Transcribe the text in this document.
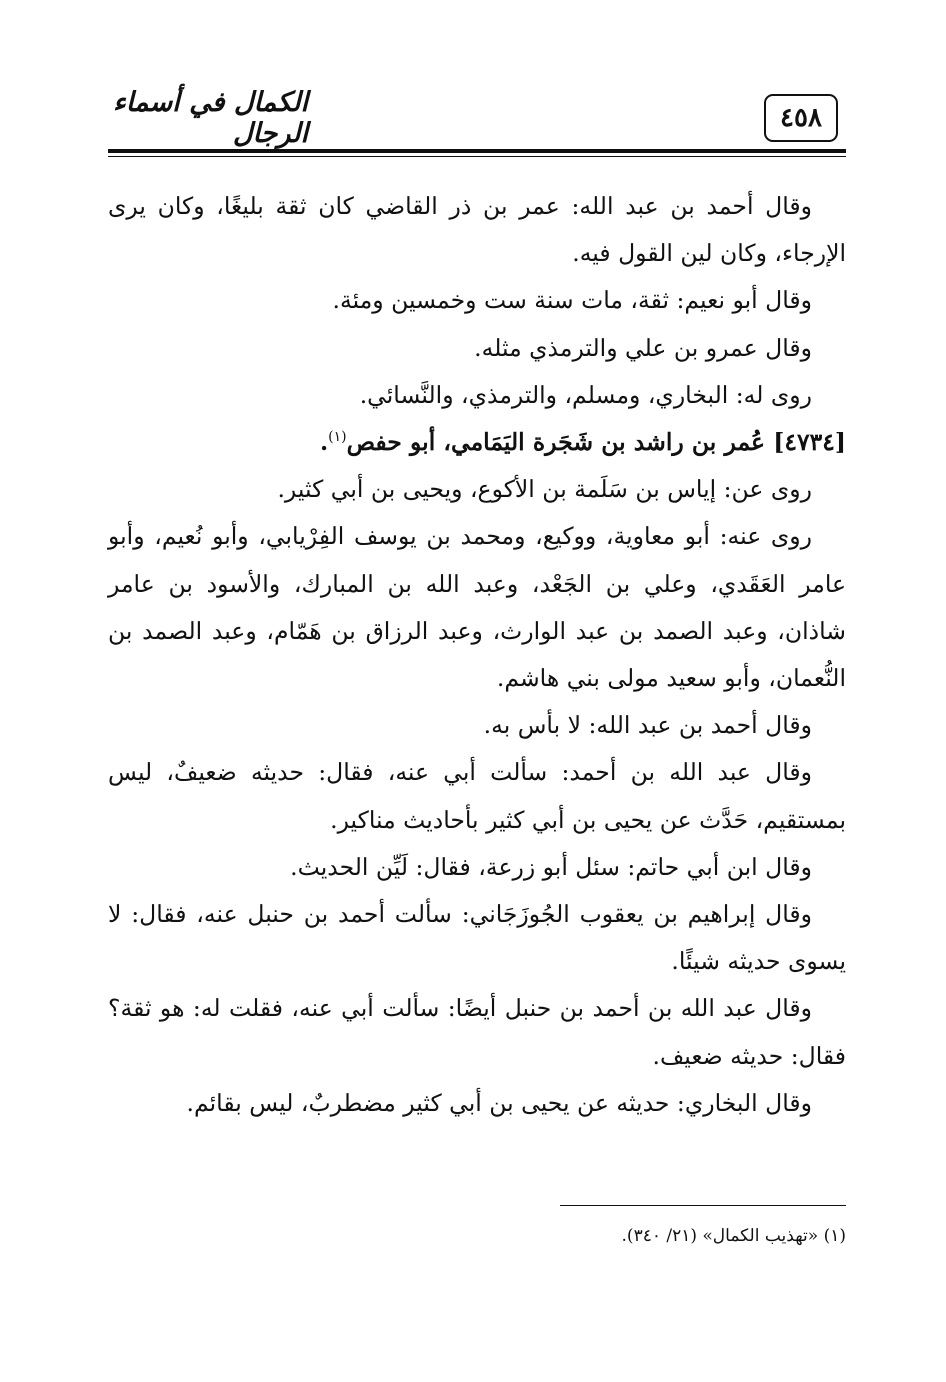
٤٥٨
الكمال في أسماء الرجال

وقال أحمد بن عبد الله: عمر بن ذر القاضي كان ثقة بليغًا، وكان يرى الإرجاء، وكان لين القول فيه.

وقال أبو نعيم: ثقة، مات سنة ست وخمسين ومئة.

وقال عمرو بن علي والترمذي مثله.

روى له: البخاري، ومسلم، والترمذي، والنَّسائي.

[٤٧٣٤] عُمر بن راشد بن شَجَرة اليَمَامي، أبو حفص$^{(١)}$.

روى عن: إياس بن سَلَمة بن الأكوع، ويحيى بن أبي كثير.

روى عنه: أبو معاوية، ووكيع، ومحمد بن يوسف الفِرْيابي، وأبو نُعيم، وأبو عامر العَقَدي، وعلي بن الجَعْد، وعبد الله بن المبارك، والأسود بن عامر شاذان، وعبد الصمد بن عبد الوارث، وعبد الرزاق بن هَمّام، وعبد الصمد بن النُّعمان، وأبو سعيد مولى بني هاشم.

وقال أحمد بن عبد الله: لا بأس به.

وقال عبد الله بن أحمد: سألت أبي عنه، فقال: حديثه ضعيفٌ، ليس بمستقيم، حَدَّث عن يحيى بن أبي كثير بأحاديث مناكير.

وقال ابن أبي حاتم: سئل أبو زرعة، فقال: لَيِّن الحديث.

وقال إبراهيم بن يعقوب الجُوزَجَاني: سألت أحمد بن حنبل عنه، فقال: لا يسوى حديثه شيئًا.

وقال عبد الله بن أحمد بن حنبل أيضًا: سألت أبي عنه، فقلت له: هو ثقة؟ فقال: حديثه ضعيف.

وقال البخاري: حديثه عن يحيى بن أبي كثير مضطربٌ، ليس بقائم.

(١) «تهذيب الكمال» (٢١/ ٣٤٠).
